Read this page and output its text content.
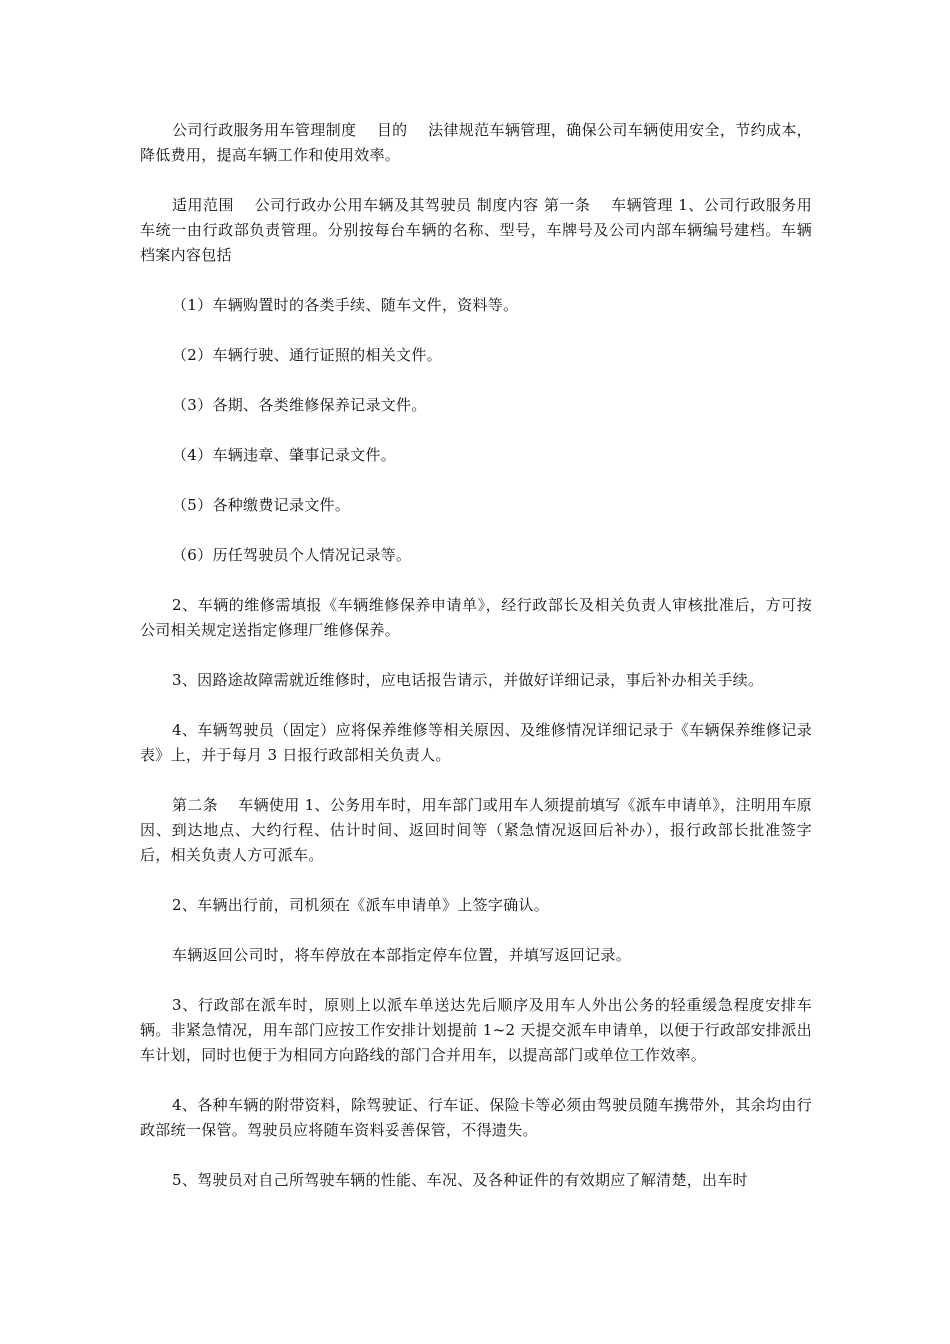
公司行政服务用车管理制度　 目的　 法律规范车辆管理，确保公司车辆使用安全，节约成本，降低费用，提高车辆工作和使用效率。

适用范围　 公司行政办公用车辆及其驾驶员 制度内容 第一条　 车辆管理 1、公司行政服务用车统一由行政部负责管理。分别按每台车辆的名称、型号，车牌号及公司内部车辆编号建档。车辆档案内容包括

（1）车辆购置时的各类手续、随车文件，资料等。

（2）车辆行驶、通行证照的相关文件。

（3）各期、各类维修保养记录文件。

（4）车辆违章、肇事记录文件。

（5）各种缴费记录文件。

（6）历任驾驶员个人情况记录等。

2、车辆的维修需填报《车辆维修保养申请单》，经行政部长及相关负责人审核批准后，方可按公司相关规定送指定修理厂维修保养。

3、因路途故障需就近维修时，应电话报告请示，并做好详细记录，事后补办相关手续。

4、车辆驾驶员（固定）应将保养维修等相关原因、及维修情况详细记录于《车辆保养维修记录表》上，并于每月 3 日报行政部相关负责人。

第二条　 车辆使用 1、公务用车时，用车部门或用车人须提前填写《派车申请单》，注明用车原因、到达地点、大约行程、估计时间、返回时间等（紧急情况返回后补办），报行政部长批准签字后，相关负责人方可派车。

2、车辆出行前，司机须在《派车申请单》上签字确认。

车辆返回公司时，将车停放在本部指定停车位置，并填写返回记录。

3、行政部在派车时，原则上以派车单送达先后顺序及用车人外出公务的轻重缓急程度安排车辆。非紧急情况，用车部门应按工作安排计划提前 1~2 天提交派车申请单，以便于行政部安排派出车计划，同时也便于为相同方向路线的部门合并用车，以提高部门或单位工作效率。

4、各种车辆的附带资料，除驾驶证、行车证、保险卡等必须由驾驶员随车携带外，其余均由行政部统一保管。驾驶员应将随车资料妥善保管，不得遗失。

5、驾驶员对自己所驾驶车辆的性能、车况、及各种证件的有效期应了解清楚，出车时
